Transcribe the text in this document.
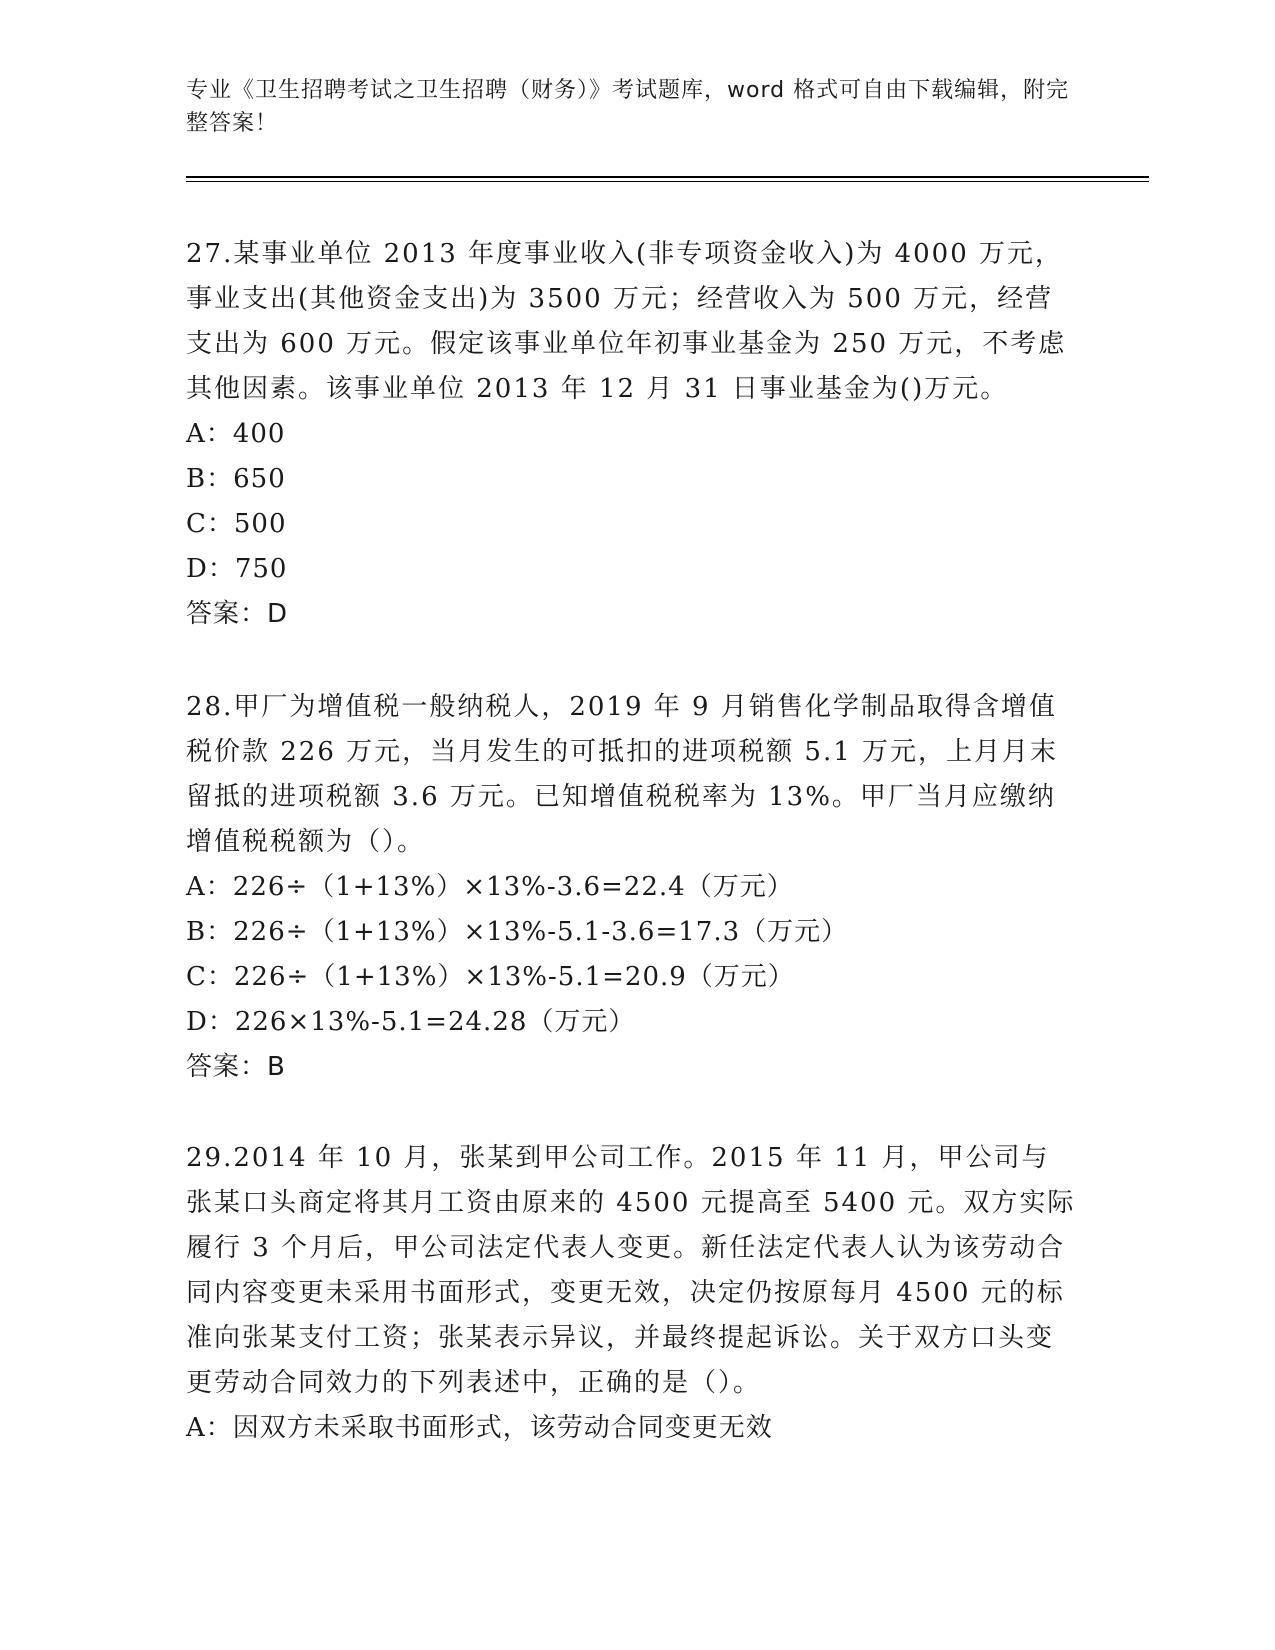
专业《卫生招聘考试之卫生招聘（财务）》考试题库，word 格式可自由下载编辑，附完整答案！

27.某事业单位 2013 年度事业收入(非专项资金收入)为 4000 万元，事业支出(其他资金支出)为 3500 万元；经营收入为 500 万元，经营支出为 600 万元。假定该事业单位年初事业基金为 250 万元，不考虑其他因素。该事业单位 2013 年 12 月 31 日事业基金为()万元。

A：400

B：650

C：500

D：750

答案：D

28.甲厂为增值税一般纳税人，2019 年 9 月销售化学制品取得含增值税价款 226 万元，当月发生的可抵扣的进项税额 5.1 万元，上月月末留抵的进项税额 3.6 万元。已知增值税税率为 13%。甲厂当月应缴纳增值税税额为（）。

A：226÷（1+13%）×13%-3.6=22.4（万元）

B：226÷（1+13%）×13%-5.1-3.6=17.3（万元）

C：226÷（1+13%）×13%-5.1=20.9（万元）

D：226×13%-5.1=24.28（万元）

答案：B

29.2014 年 10 月，张某到甲公司工作。2015 年 11 月，甲公司与张某口头商定将其月工资由原来的 4500 元提高至 5400 元。双方实际履行 3 个月后，甲公司法定代表人变更。新任法定代表人认为该劳动合同内容变更未采用书面形式，变更无效，决定仍按原每月 4500 元的标准向张某支付工资；张某表示异议，并最终提起诉讼。关于双方口头变更劳动合同效力的下列表述中，正确的是（）。

A：因双方未采取书面形式，该劳动合同变更无效
